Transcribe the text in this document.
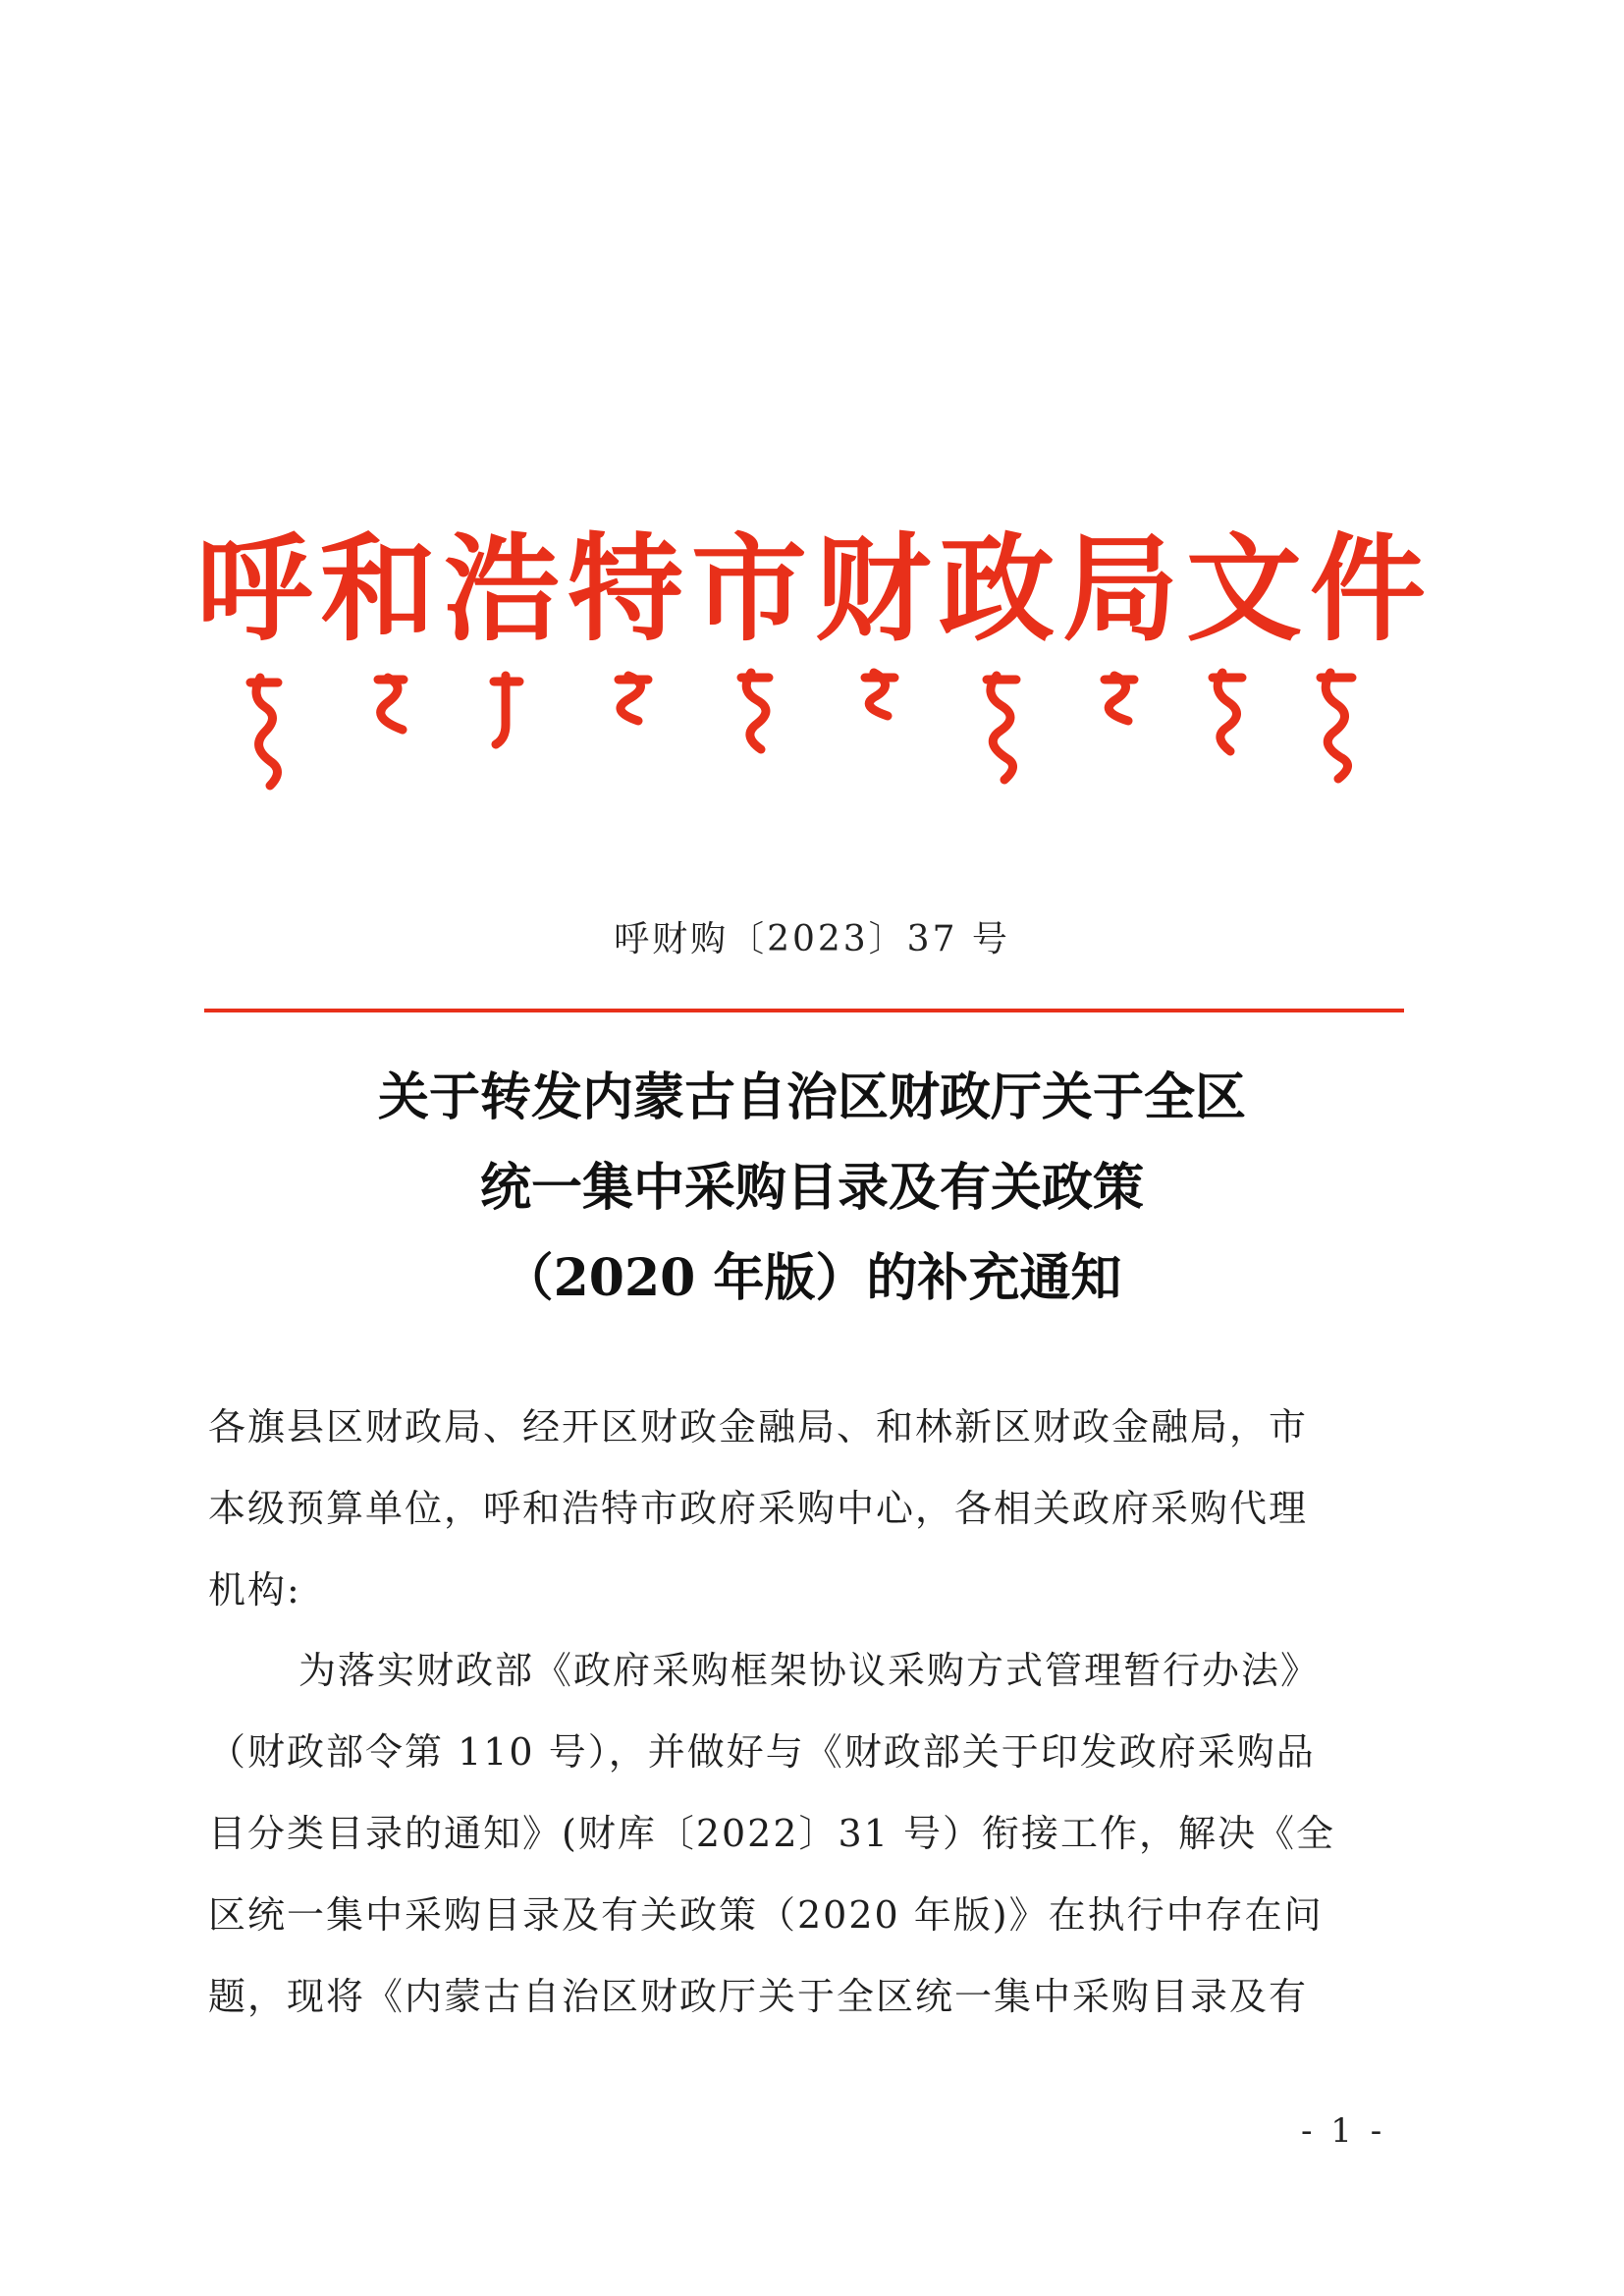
呼和浩特市财政局文件
呼财购〔2023〕37 号
关于转发内蒙古自治区财政厅关于全区
统一集中采购目录及有关政策
（2020 年版）的补充通知
各旗县区财政局、经开区财政金融局、和林新区财政金融局，市
本级预算单位，呼和浩特市政府采购中心，各相关政府采购代理
机构:
为落实财政部《政府采购框架协议采购方式管理暂行办法》
（财政部令第 110 号），并做好与《财政部关于印发政府采购品
目分类目录的通知》(财库〔2022〕31 号）衔接工作，解决《全
区统一集中采购目录及有关政策（2020 年版)》在执行中存在问
题，现将《内蒙古自治区财政厅关于全区统一集中采购目录及有
- 1 -
